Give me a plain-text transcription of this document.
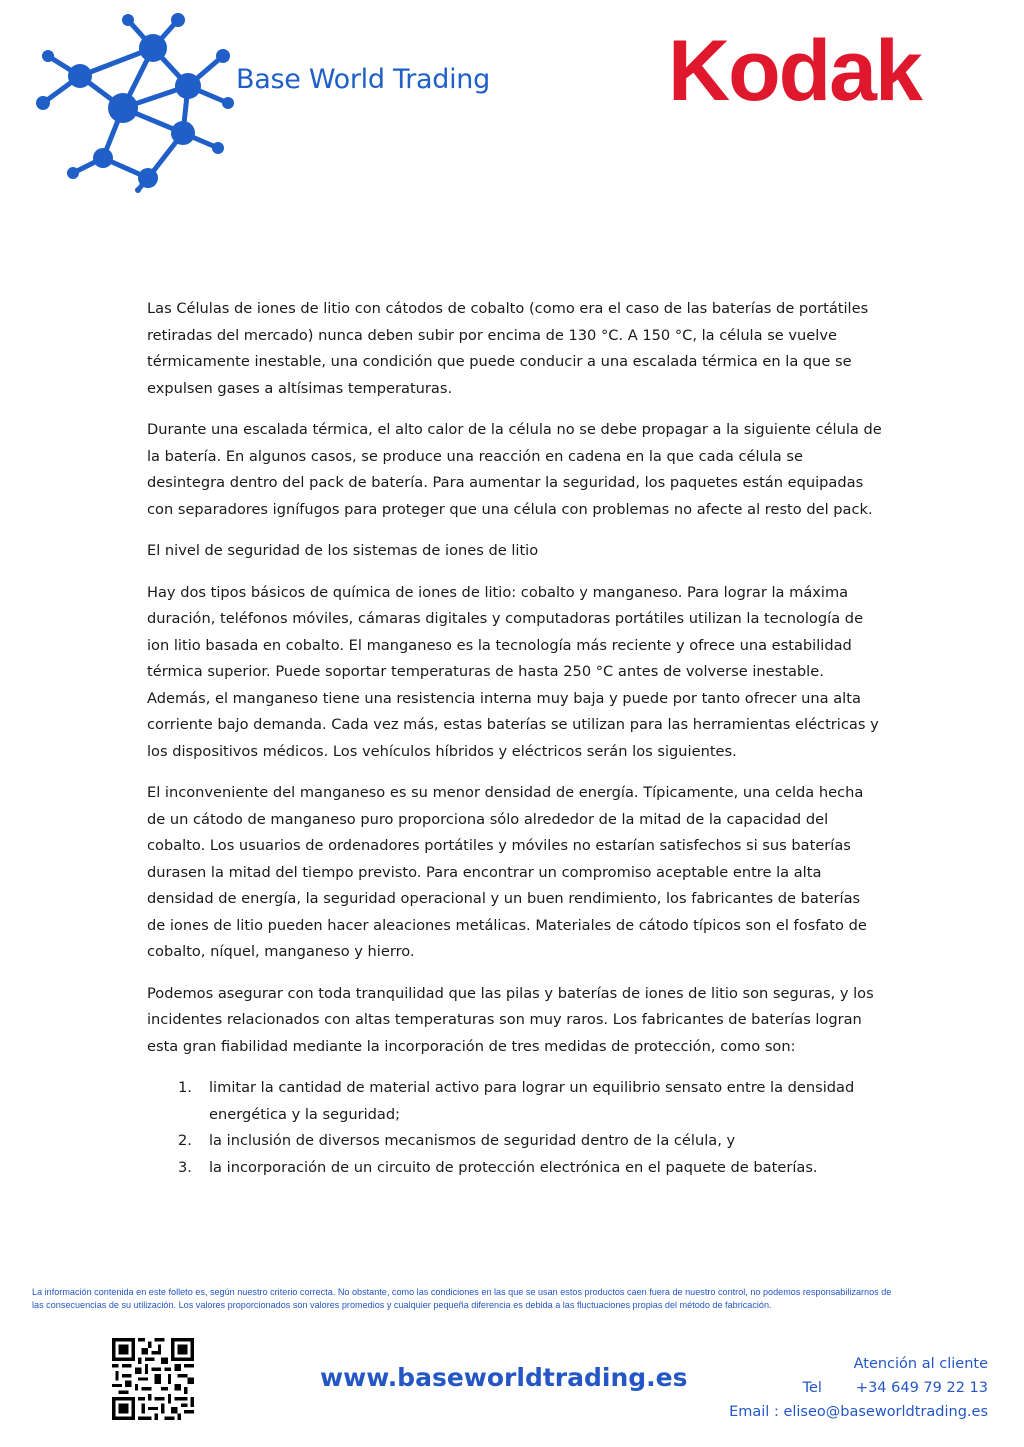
Base World Trading Kodak

Las Células de iones de litio con cátodos de cobalto (como era el caso de las baterías de portátiles retiradas del mercado) nunca deben subir por encima de 130 °C. A 150 °C, la célula se vuelve térmicamente inestable, una condición que puede conducir a una escalada térmica en la que se expulsen gases a altísimas temperaturas.

Durante una escalada térmica, el alto calor de la célula no se debe propagar a la siguiente célula de la batería. En algunos casos, se produce una reacción en cadena en la que cada célula se desintegra dentro del pack de batería. Para aumentar la seguridad, los paquetes están equipadas con separadores ignífugos para proteger que una célula con problemas no afecte al resto del pack.

El nivel de seguridad de los sistemas de iones de litio

Hay dos tipos básicos de química de iones de litio: cobalto y manganeso. Para lograr la máxima duración, teléfonos móviles, cámaras digitales y computadoras portátiles utilizan la tecnología de ion litio basada en cobalto. El manganeso es la tecnología más reciente y ofrece una estabilidad térmica superior. Puede soportar temperaturas de hasta 250 °C antes de volverse inestable. Además, el manganeso tiene una resistencia interna muy baja y puede por tanto ofrecer una alta corriente bajo demanda. Cada vez más, estas baterías se utilizan para las herramientas eléctricas y los dispositivos médicos. Los vehículos híbridos y eléctricos serán los siguientes.

El inconveniente del manganeso es su menor densidad de energía. Típicamente, una celda hecha de un cátodo de manganeso puro proporciona sólo alrededor de la mitad de la capacidad del cobalto. Los usuarios de ordenadores portátiles y móviles no estarían satisfechos si sus baterías durasen la mitad del tiempo previsto. Para encontrar un compromiso aceptable entre la alta densidad de energía, la seguridad operacional y un buen rendimiento, los fabricantes de baterías de iones de litio pueden hacer aleaciones metálicas. Materiales de cátodo típicos son el fosfato de cobalto, níquel, manganeso y hierro.

Podemos asegurar con toda tranquilidad que las pilas y baterías de iones de litio son seguras, y los incidentes relacionados con altas temperaturas son muy raros. Los fabricantes de baterías logran esta gran fiabilidad mediante la incorporación de tres medidas de protección, como son:

1. limitar la cantidad de material activo para lograr un equilibrio sensato entre la densidad energética y la seguridad;
2. la inclusión de diversos mecanismos de seguridad dentro de la célula, y
3. la incorporación de un circuito de protección electrónica en el paquete de baterías.
La información contenida en este folleto es, según nuestro criterio correcta. No obstante, como las condiciones en las que se usan estos productos caen fuera de nuestro control, no podemos responsabilizarnos de
las consecuencias de su utilización. Los valores proporcionados son valores promedios y cualquier pequeña diferencia es debida a las fluctuaciones propias del método de fabricación.
www.baseworldtrading.es	Atención al cliente
Tel +34 649 79 22 13
Email : eliseo@baseworldtrading.es
